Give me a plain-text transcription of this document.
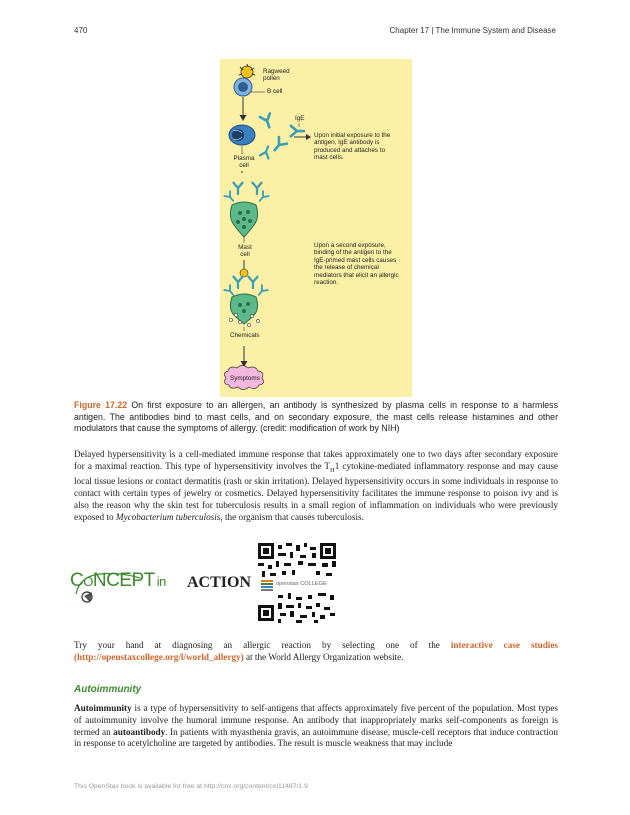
470	Chapter 17 | The Immune System and Disease
Ragweed
pollen
B cell
IgE
Plasma
cell
Upon initial exposure to the
antigen, IgE antibody is
produced and attaches to
mast cells.
Mast
cell
Upon a second exposure,
binding of the antigen to the
IgE-primed mast cells causes
the release of chemical
mediators that elicit an allergic
reaction.
Chemicals
Symptoms
Figure 17.22 On first exposure to an allergen, an antibody is synthesized by plasma cells in response to a harmless antigen. The antibodies bind to mast cells, and on secondary exposure, the mast cells release histamines and other modulators that cause the symptoms of allergy. (credit: modification of work by NIH)
Delayed hypersensitivity is a cell-mediated immune response that takes approximately one to two days after secondary exposure for a maximal reaction. This type of hypersensitivity involves the $T_H1$ cytokine-mediated inflammatory response and may cause local tissue lesions or contact dermatitis (rash or skin irritation). Delayed hypersensitivity occurs in some individuals in response to contact with certain types of jewelry or cosmetics. Delayed hypersensitivity facilitates the immune response to poison ivy and is also the reason why the skin test for tuberculosis results in a small region of inflammation on individuals who were previously exposed to Mycobacterium tuberculosis, the organism that causes tuberculosis.
CONCEPT in ACTION	openstax COLLEGE
Try your hand at diagnosing an allergic reaction by selecting one of the interactive case studies (http://openstaxcollege.org/l/world_allergy) at the World Allergy Organization website.
Autoimmunity
Autoimmunity is a type of hypersensitivity to self-antigens that affects approximately five percent of the population. Most types of autoimmunity involve the humoral immune response. An antibody that inappropriately marks self-components as foreign is termed an autoantibody. In patients with myasthenia gravis, an autoimmune disease, muscle-cell receptors that induce contraction in response to acetylcholine are targeted by antibodies. The result is muscle weakness that may include
This OpenStax book is available for free at http://cnx.org/content/col11487/1.9
